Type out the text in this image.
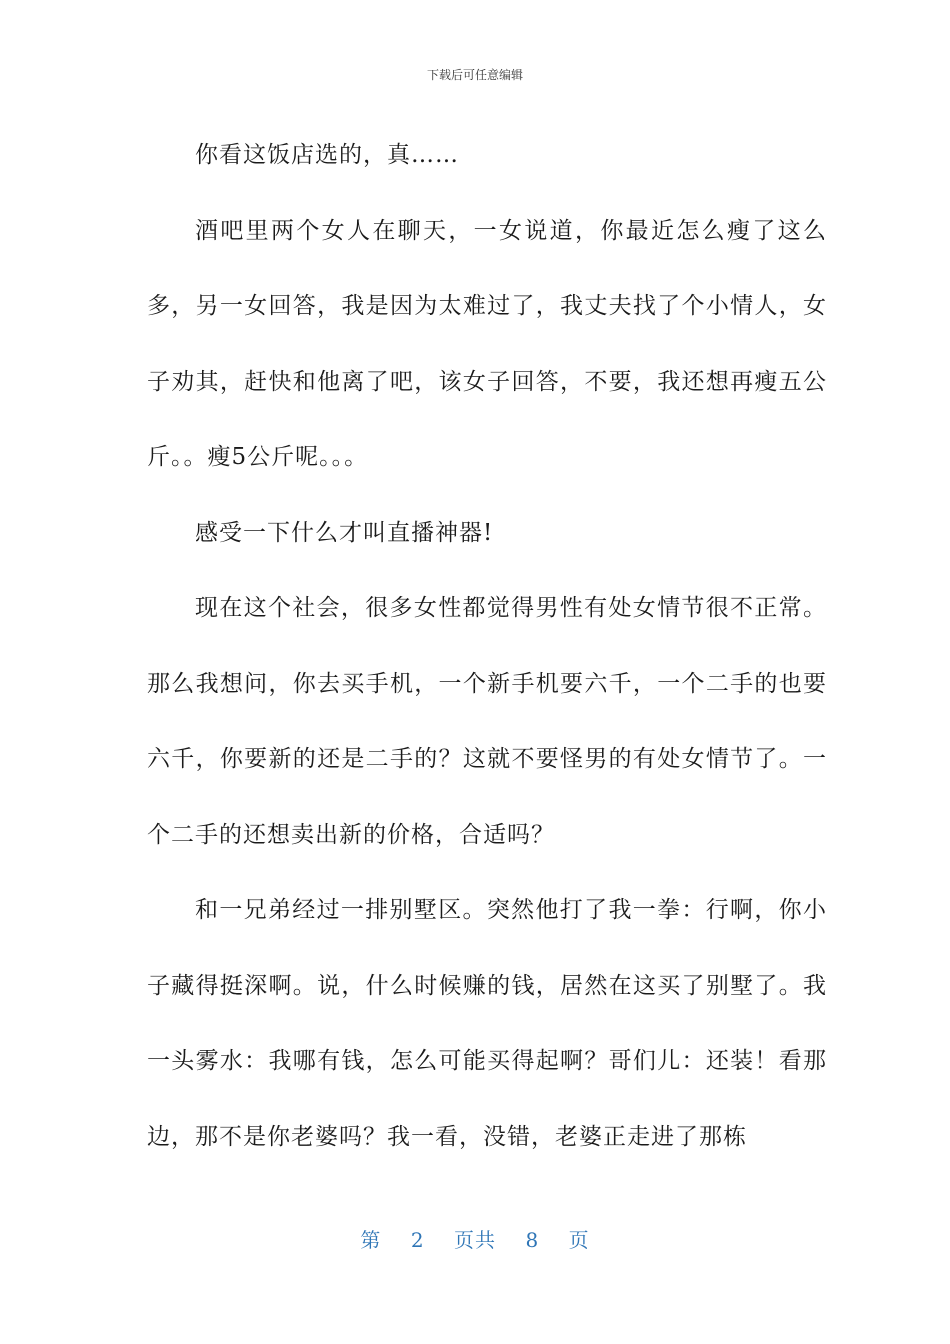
下载后可任意编辑

你看这饭店选的，真……

酒吧里两个女人在聊天，一女说道，你最近怎么瘦了这么多，另一女回答，我是因为太难过了，我丈夫找了个小情人，女子劝其，赶快和他离了吧，该女子回答，不要，我还想再瘦五公斤。。瘦5公斤呢。。。

感受一下什么才叫直播神器!

现在这个社会，很多女性都觉得男性有处女情节很不正常。那么我想问，你去买手机，一个新手机要六千，一个二手的也要六千，你要新的还是二手的？这就不要怪男的有处女情节了。一个二手的还想卖出新的价格，合适吗？

和一兄弟经过一排别墅区。突然他打了我一拳：行啊，你小子藏得挺深啊。说，什么时候赚的钱，居然在这买了别墅了。我一头雾水：我哪有钱，怎么可能买得起啊？哥们儿：还装！看那边，那不是你老婆吗？我一看，没错，老婆正走进了那栋

第 2 页共 8 页
